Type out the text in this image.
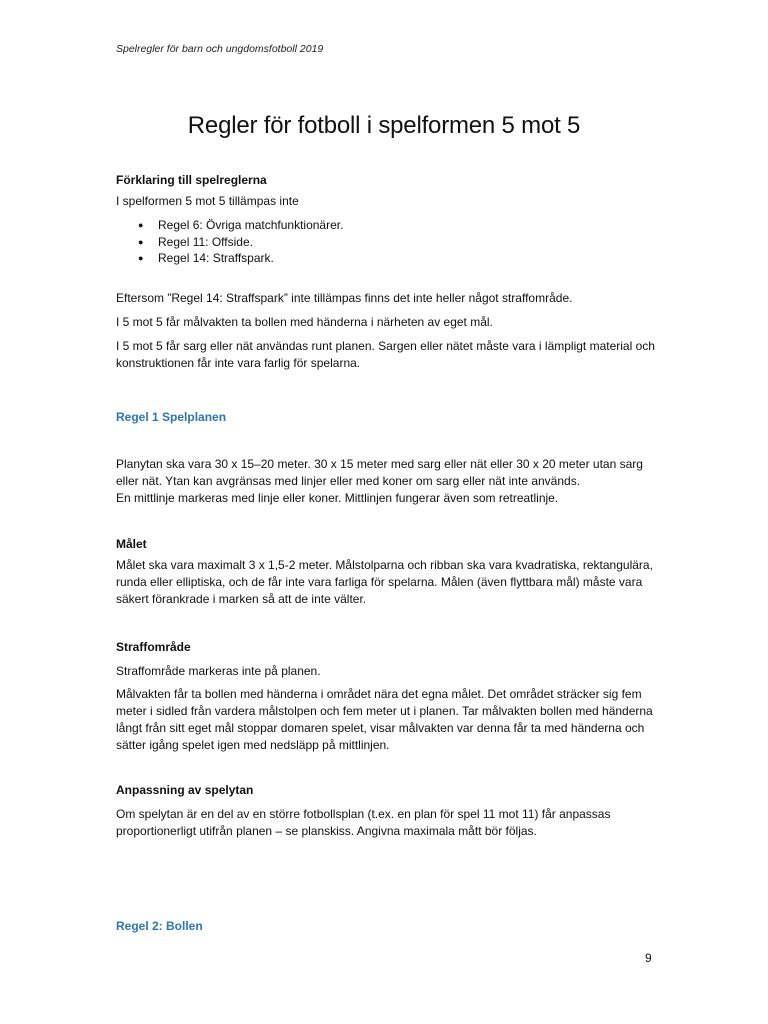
Spelregler för barn och ungdomsfotboll 2019
Regler för fotboll i spelformen 5 mot 5
Förklaring till spelreglerna
I spelformen 5 mot 5 tillämpas inte
● Regel 6: Övriga matchfunktionärer.
● Regel 11: Offside.
● Regel 14: Straffspark.
Eftersom ”Regel 14: Straffspark” inte tillämpas finns det inte heller något straffområde.
I 5 mot 5 får målvakten ta bollen med händerna i närheten av eget mål.
I 5 mot 5 får sarg eller nät användas runt planen. Sargen eller nätet måste vara i lämpligt material och konstruktionen får inte vara farlig för spelarna.
Regel 1 Spelplanen
Planytan ska vara 30 x 15–20 meter. 30 x 15 meter med sarg eller nät eller 30 x 20 meter utan sarg eller nät. Ytan kan avgränsas med linjer eller med koner om sarg eller nät inte används.
En mittlinje markeras med linje eller koner. Mittlinjen fungerar även som retreatlinje.
Målet
Målet ska vara maximalt 3 x 1,5-2 meter. Målstolparna och ribban ska vara kvadratiska, rektangulära, runda eller elliptiska, och de får inte vara farliga för spelarna. Målen (även flyttbara mål) måste vara säkert förankrade i marken så att de inte välter.
Straffområde
Straffområde markeras inte på planen.
Målvakten får ta bollen med händerna i området nära det egna målet. Det området sträcker sig fem meter i sidled från vardera målstolpen och fem meter ut i planen. Tar målvakten bollen med händerna långt från sitt eget mål stoppar domaren spelet, visar målvakten var denna får ta med händerna och sätter igång spelet igen med nedsläpp på mittlinjen.
Anpassning av spelytan
Om spelytan är en del av en större fotbollsplan (t.ex. en plan för spel 11 mot 11) får anpassas proportionerligt utifrån planen – se planskiss. Angivna maximala mått bör följas.
Regel 2: Bollen
9
